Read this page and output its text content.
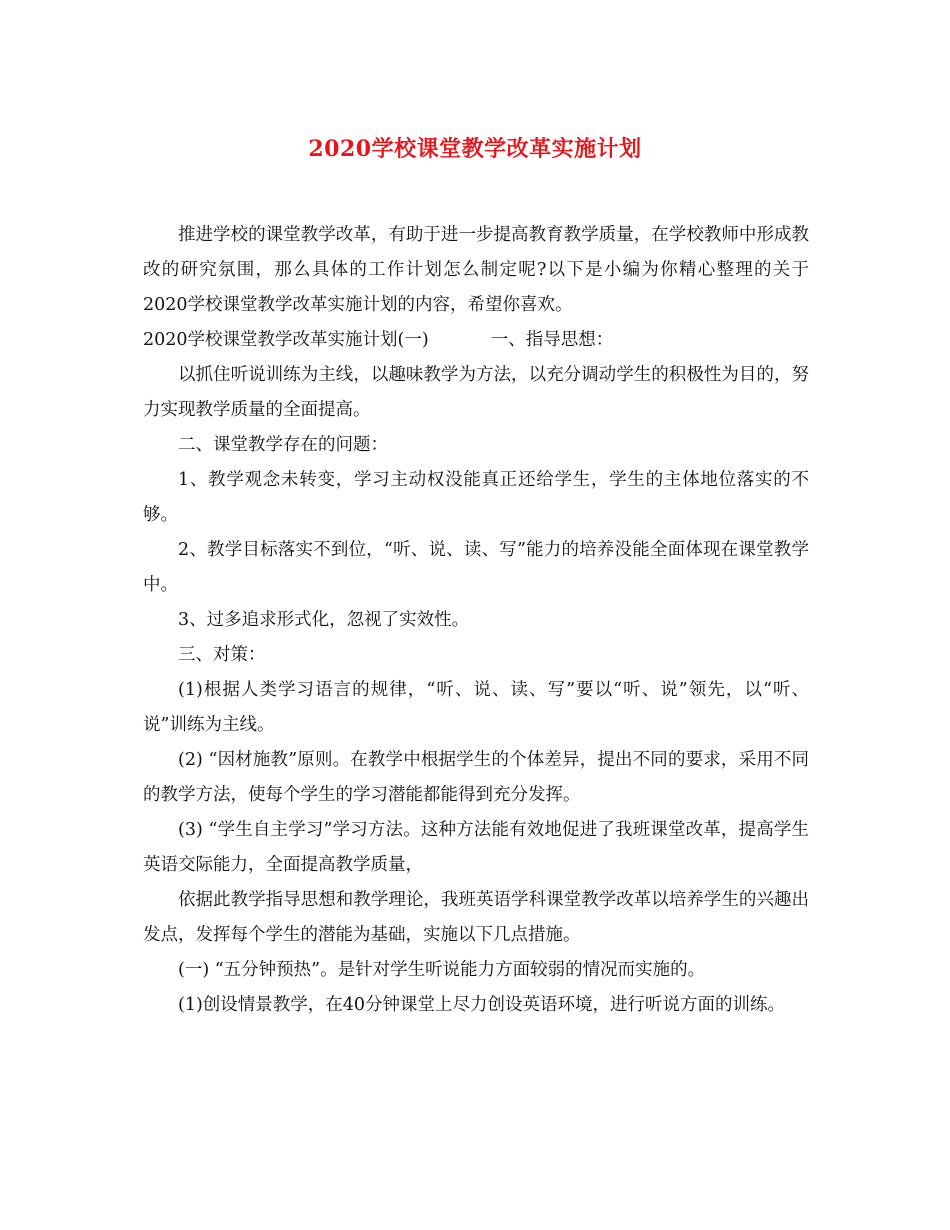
2020学校课堂教学改革实施计划

推进学校的课堂教学改革，有助于进一步提高教育教学质量，在学校教师中形成教改的研究氛围，那么具体的工作计划怎么制定呢?以下是小编为你精心整理的关于2020学校课堂教学改革实施计划的内容，希望你喜欢。

2020学校课堂教学改革实施计划(一)	一、指导思想：

以抓住听说训练为主线，以趣味教学为方法，以充分调动学生的积极性为目的，努力实现教学质量的全面提高。

二、课堂教学存在的问题：

1、教学观念未转变，学习主动权没能真正还给学生，学生的主体地位落实的不够。

2、教学目标落实不到位，“听、说、读、写”能力的培养没能全面体现在课堂教学中。

3、过多追求形式化，忽视了实效性。

三、对策：

(1)根据人类学习语言的规律，“听、说、读、写”要以“听、说”领先，以“听、说”训练为主线。

(2) “因材施教”原则。在教学中根据学生的个体差异，提出不同的要求，采用不同的教学方法，使每个学生的学习潜能都能得到充分发挥。

(3) “学生自主学习”学习方法。这种方法能有效地促进了我班课堂改革，提高学生英语交际能力，全面提高教学质量，

依据此教学指导思想和教学理论，我班英语学科课堂教学改革以培养学生的兴趣出发点，发挥每个学生的潜能为基础，实施以下几点措施。

(一) “五分钟预热”。是针对学生听说能力方面较弱的情况而实施的。

(1)创设情景教学，在40分钟课堂上尽力创设英语环境，进行听说方面的训练。
